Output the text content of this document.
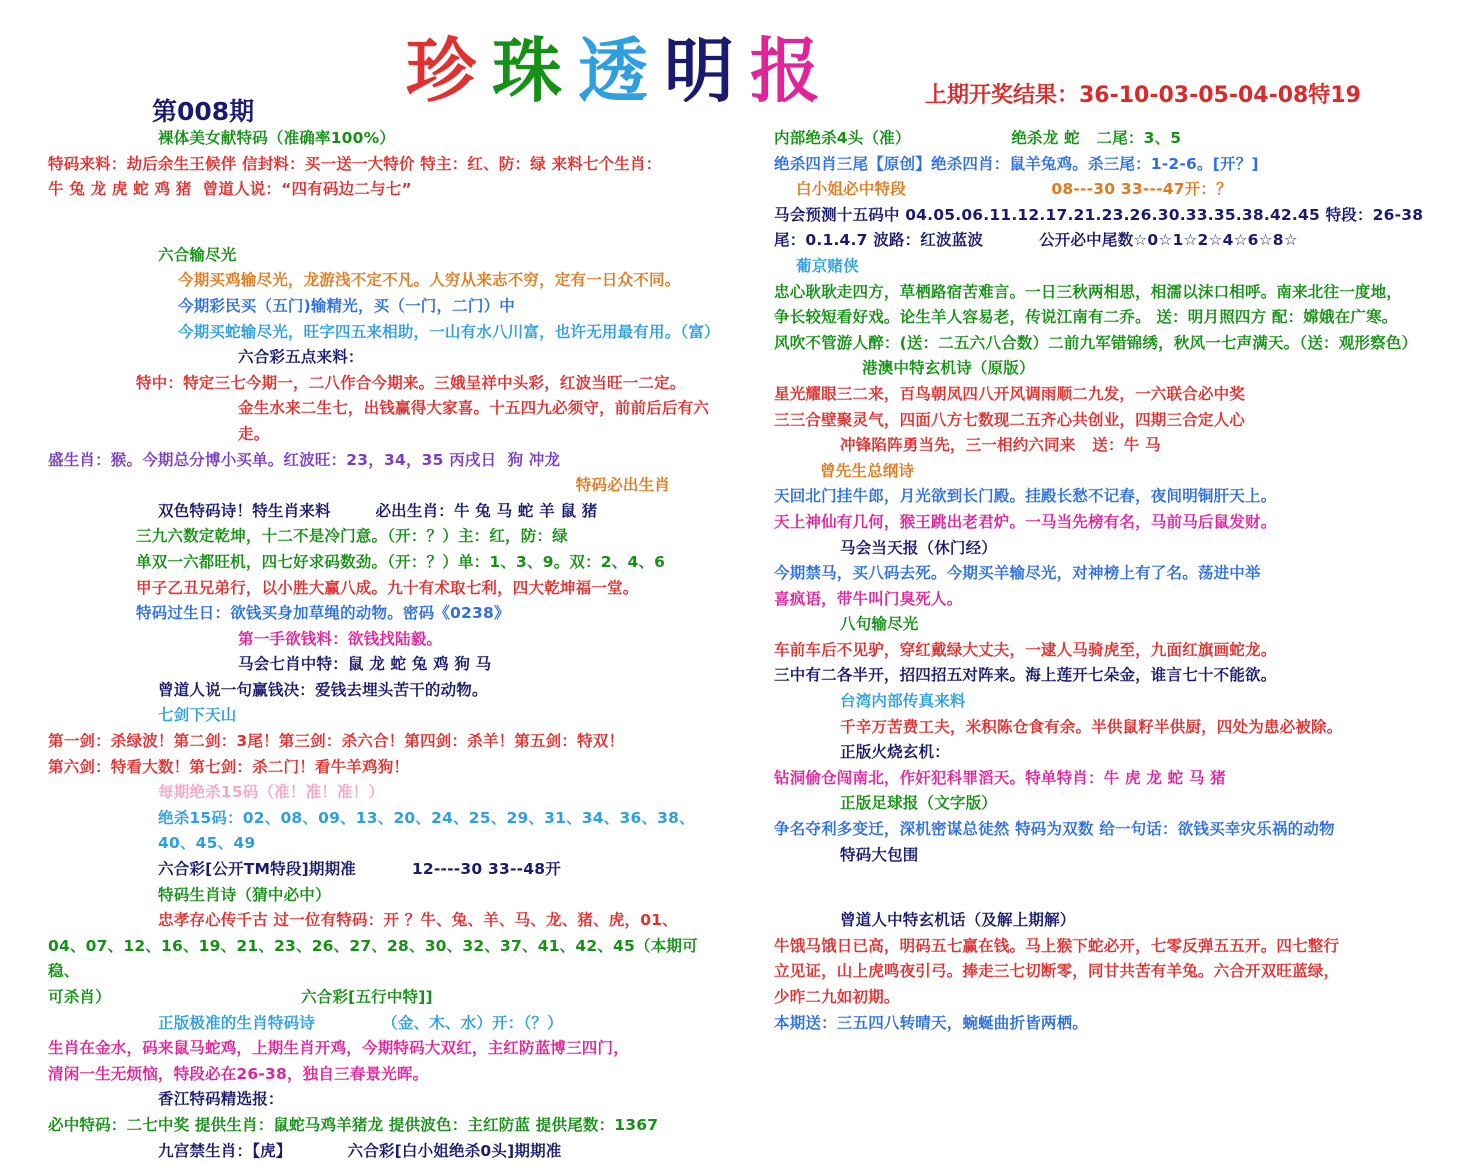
第008期 珍珠透明报	上期开奖结果：36-10-03-05-04-08特19
裸体美女献特码（准确率100%）
特码来料：劫后余生王候伴 信封料：买一送一大特价 特主：红、防：绿 来料七个生肖：
牛 兔 龙 虎 蛇 鸡 猪  曾道人说：“四有码边二与七”
六合输尽光
今期买鸡输尽光，龙游浅不定不凡。人穷从来志不穷，定有一日众不同。
今期彩民买（五门)输精光，买（一门，二门）中
今期买蛇输尽光，旺字四五来相助，一山有水八川富，也许无用最有用。（富）
六合彩五点来料：
特中：特定三七今期一，二八作合今期来。三娥呈祥中头彩，红波当旺一二定。
金生水来二生七，出钱赢得大家喜。十五四九必须守，前前后后有六走。
盛生肖：猴。今期总分博小买单。红波旺：23，34，35 丙戌日  狗 冲龙
特码必出生肖
双色特码诗！特生肖来料        必出生肖：牛 兔 马 蛇 羊 鼠 猪
三九六数定乾坤，十二不是冷门意。（开：？）主：红，防：绿
单双一六都旺机，四七好求码数劲。（开：？）单：1、3、9。双：2、4、6
甲子乙丑兄弟行，以小胜大赢八成。九十有术取七利，四大乾坤福一堂。
特码过生日：欲钱买身加草绳的动物。密码《0238》
第一手欲钱料：欲钱找陆毅。
马会七肖中特：鼠 龙 蛇 兔 鸡 狗 马
曾道人说一句赢钱决：爱钱去埋头苦干的动物。
七剑下天山
第一剑：杀绿波！第二剑：3尾！第三剑：杀六合！第四剑：杀羊！第五剑：特双！
第六剑：特看大数！第七剑：杀二门！看牛羊鸡狗！
每期绝杀15码（准！准！准！）
绝杀15码：02、08、09、13、20、24、25、29、31、34、36、38、40、45、49
六合彩[公开TM特段]期期准          12----30 33--48开
特码生肖诗（猜中必中）
忠孝存心传千古 过一位有特码：开 ？牛、兔、羊、马、龙、猪、虎，01、
04、07、12、16、19、21、23、26、27、28、30、32、37、41、42、45（本期可稳、
可杀肖）                                  六合彩[五行中特]]
正版极准的生肖特码诗            （金、木、水）开：（？）
生肖在金水，码来鼠马蛇鸡，上期生肖开鸡，今期特码大双红，主红防蓝博三四门，
清闲一生无烦恼，特段必在26-38，独自三春景光晖。
香江特码精选报：
必中特码：二七中奖 提供生肖：鼠蛇马鸡羊猪龙 提供波色：主红防蓝 提供尾数：1367
九宫禁生肖：【虎】          六合彩[白小姐绝杀0头]期期准
内部绝杀4头（准）                  绝杀龙 蛇   二尾：3、5
绝杀四肖三尾【原创】绝杀四肖：鼠羊兔鸡。杀三尾：1-2-6。[开？]
白小姐必中特段                          08---30 33---47开：？
马会预测十五码中 04.05.06.11.12.17.21.23.26.30.33.35.38.42.45 特段：26-38
尾：0.1.4.7 波路：红波蓝波          公开必中尾数☆0☆1☆2☆4☆6☆8☆
葡京赌侠
忠心耿耿走四方，草栖路宿苦难言。一日三秋两相思，相濡以沫口相呼。南来北往一度地，
争长较短看好戏。论生羊人容易老，传说江南有二乔。 送：明月照四方 配：嫦娥在广寒。
风吹不管游人醉：(送：二五六八合数）二前九军错锦绣，秋风一七声满天。（送：观形察色）
港澳中特玄机诗（原版）
星光耀眼三二来，百鸟朝凤四八开风调雨顺二九发，一六联合必中奖
三三合壁聚灵气，四面八方七数现二五齐心共创业，四期三合定人心
冲锋陷阵勇当先，三一相约六同来   送：牛 马
曾先生总纲诗
天回北门挂牛郎，月光欲到长门殿。挂殿长愁不记春，夜间明铜肝天上。
天上神仙有几何，猴王跳出老君炉。一马当先榜有名，马前马后鼠发财。
马会当天报（休门经）
今期禁马，买八码去死。今期买羊输尽光，对神榜上有了名。荡进中举
喜疯语，带牛叫门臭死人。
八句输尽光
车前车后不见驴，穿红戴绿大丈夫，一逮人马骑虎至，九面红旗画蛇龙。
三中有二各半开，招四招五对阵来。海上莲开七朵金，谁言七十不能欲。
台湾内部传真来料
千辛万苦费工夫，米积陈仓食有余。半供鼠籽半供厨，四处为患必被除。
正版火烧玄机：
钻洞偷仓闯南北，作奸犯科罪滔天。特单特肖：牛 虎 龙 蛇 马 猪
正版足球报（文字版）
争名夺利多变迁，深机密谋总徒然 特码为双数 给一句话：欲钱买幸灾乐祸的动物
特码大包围
曾道人中特玄机话（及解上期解）
牛饿马饿日已高，明码五七赢在钱。马上猴下蛇必开，七零反弹五五开。四七整行
立见证，山上虎鸣夜引弓。捧走三七切断零，同甘共苦有羊兔。六合开双旺蓝绿，
少昨二九如初期。
本期送：三五四八转晴天，蜿蜒曲折皆两栖。
